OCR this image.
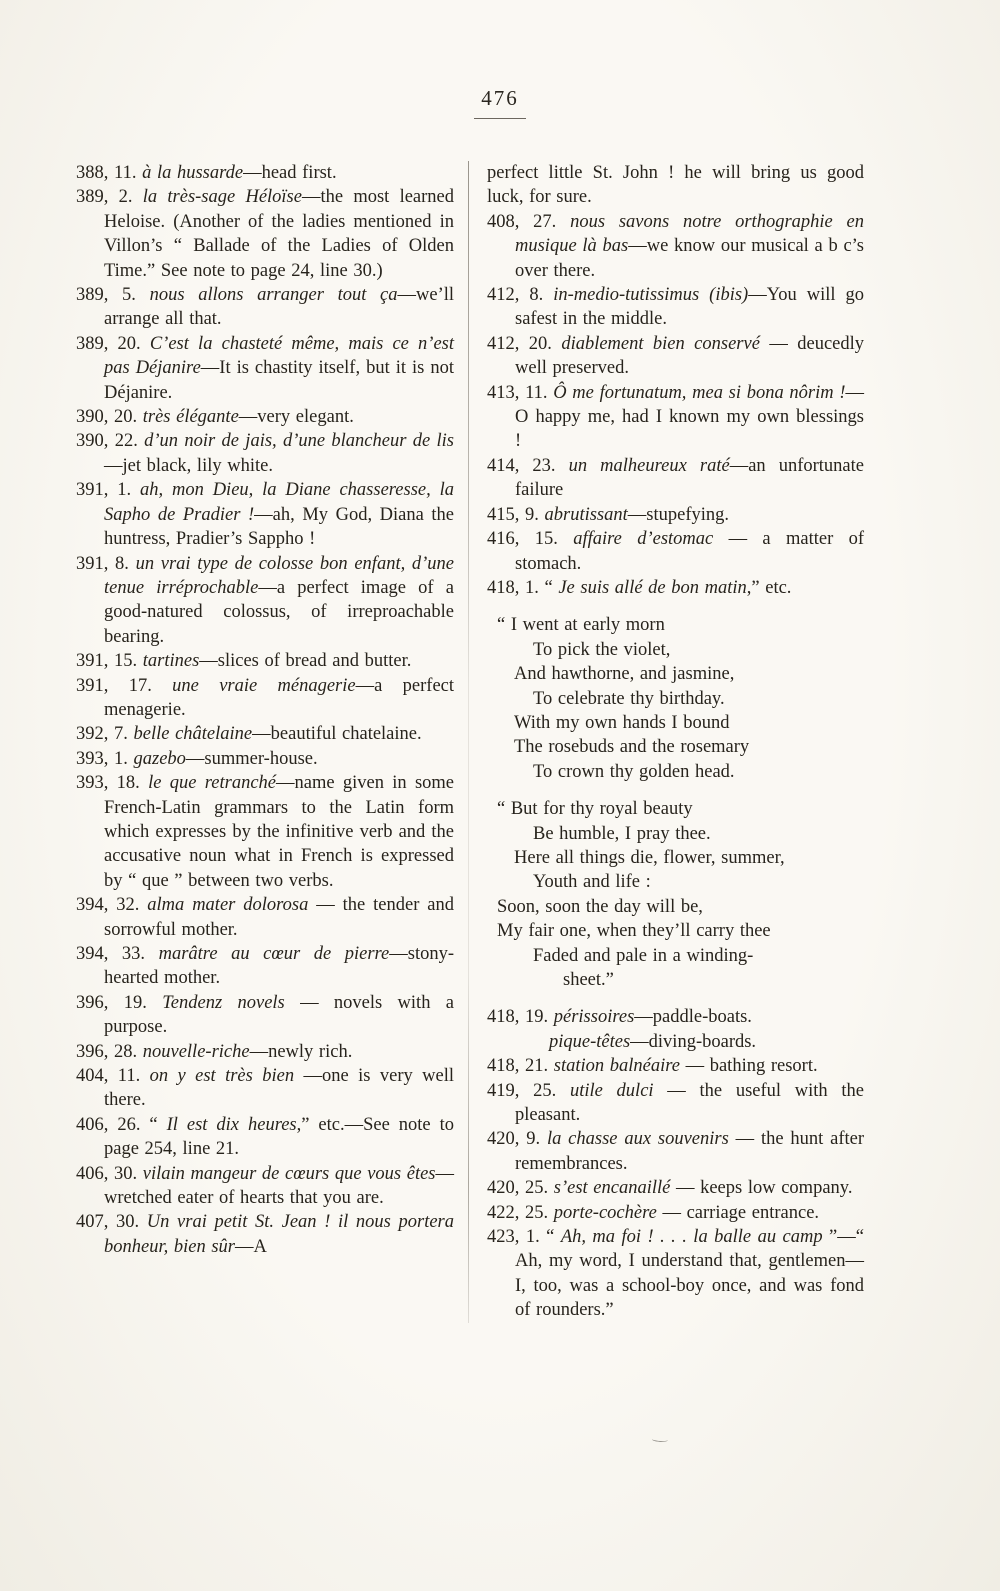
476

388, 11. à la hussarde—head first.

389, 2. la très-sage Héloïse—the most learned Heloise. (Another of the ladies mentioned in Villon’s “ Ballade of the Ladies of Olden Time.” See note to page 24, line 30.)

389, 5. nous allons arranger tout ça—we’ll arrange all that.

389, 20. C’est la chasteté même, mais ce n’est pas Déjanire—It is chastity itself, but it is not Déjanire.

390, 20. très élégante—very elegant.

390, 22. d’un noir de jais, d’une blancheur de lis—jet black, lily white.

391, 1. ah, mon Dieu, la Diane chasseresse, la Sapho de Pradier !—ah, My God, Diana the huntress, Pradier’s Sappho !

391, 8. un vrai type de colosse bon enfant, d’une tenue irréprochable—a perfect image of a good-natured colossus, of irreproachable bearing.

391, 15. tartines—slices of bread and butter.

391, 17. une vraie ménagerie—a perfect menagerie.

392, 7. belle châtelaine—beautiful chatelaine.

393, 1. gazebo—summer-house.

393, 18. le que retranché—name given in some French-Latin grammars to the Latin form which expresses by the infinitive verb and the accusative noun what in French is expressed by “ que ” between two verbs.

394, 32. alma mater dolorosa — the tender and sorrowful mother.

394, 33. marâtre au cœur de pierre—stony-hearted mother.

396, 19. Tendenz novels — novels with a purpose.

396, 28. nouvelle-riche—newly rich.

404, 11. on y est très bien —one is very well there.

406, 26. “ Il est dix heures,” etc.—See note to page 254, line 21.

406, 30. vilain mangeur de cœurs que vous êtes—wretched eater of hearts that you are.

407, 30. Un vrai petit St. Jean ! il nous portera bonheur, bien sûr—A

perfect little St. John ! he will bring us good luck, for sure.

408, 27. nous savons notre orthographie en musique là bas—we know our musical a b c’s over there.

412, 8. in-medio-tutissimus (ibis)—You will go safest in the middle.

412, 20. diablement bien conservé — deucedly well preserved.

413, 11. Ô me fortunatum, mea si bona nôrim !—O happy me, had I known my own blessings !

414, 23. un malheureux raté—an unfortunate failure

415, 9. abrutissant—stupefying.

416, 15. affaire d’estomac — a matter of stomach.

418, 1. “ Je suis allé de bon matin,” etc.

“ I went at early morn

To pick the violet,

And hawthorne, and jasmine,

To celebrate thy birthday.

With my own hands I bound

The rosebuds and the rosemary

To crown thy golden head.

“ But for thy royal beauty

Be humble, I pray thee.

Here all things die, flower, summer,

Youth and life :

Soon, soon the day will be,

My fair one, when they’ll carry thee

Faded and pale in a winding-

sheet.”

418, 19. périssoires—paddle-boats.

pique-têtes—diving-boards.

418, 21. station balnéaire — bathing resort.

419, 25. utile dulci — the useful with the pleasant.

420, 9. la chasse aux souvenirs — the hunt after remembrances.

420, 25. s’est encanaillé — keeps low company.

422, 25. porte-cochère — carriage entrance.

423, 1. “ Ah, ma foi ! . . . la balle au camp ”—“ Ah, my word, I understand that, gentlemen—I, too, was a school-boy once, and was fond of rounders.”
